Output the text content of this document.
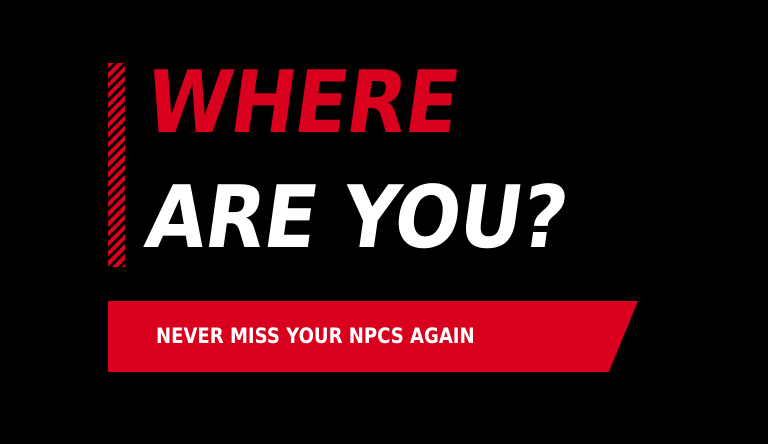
WHERE
ARE YOU?
NEVER MISS YOUR NPCS AGAIN
